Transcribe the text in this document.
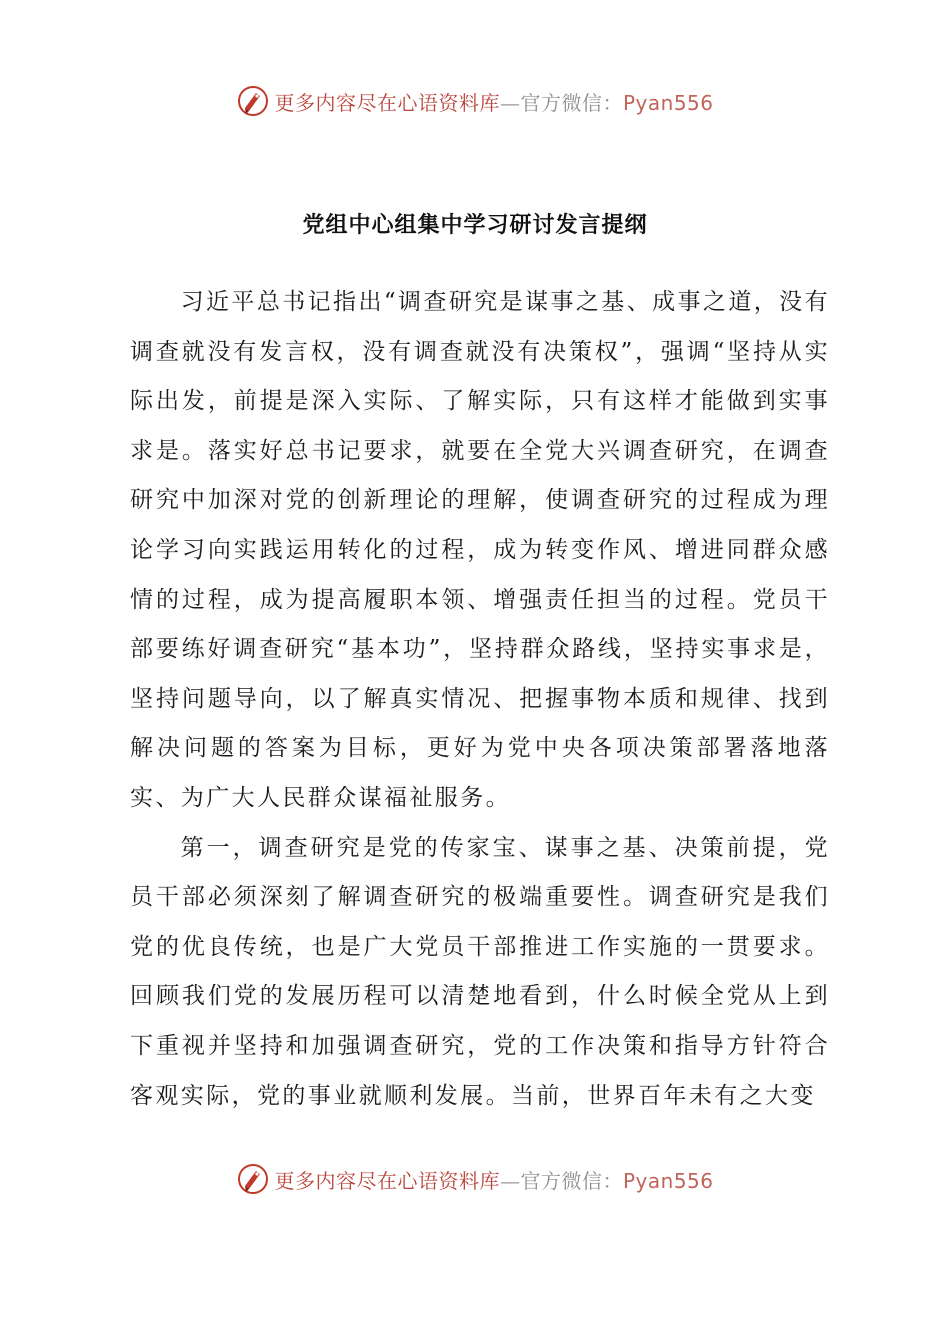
更多内容尽在心语资料库—官方微信：Pyan556
党组中心组集中学习研讨发言提纲

习近平总书记指出“调查研究是谋事之基、成事之道，没有调查就没有发言权，没有调查就没有决策权”，强调“坚持从实际出发，前提是深入实际、了解实际，只有这样才能做到实事求是。落实好总书记要求，就要在全党大兴调查研究，在调查研究中加深对党的创新理论的理解，使调查研究的过程成为理论学习向实践运用转化的过程，成为转变作风、增进同群众感情的过程，成为提高履职本领、增强责任担当的过程。党员干部要练好调查研究“基本功”，坚持群众路线，坚持实事求是，坚持问题导向，以了解真实情况、把握事物本质和规律、找到解决问题的答案为目标，更好为党中央各项决策部署落地落实、为广大人民群众谋福祉服务。

第一，调查研究是党的传家宝、谋事之基、决策前提，党员干部必须深刻了解调查研究的极端重要性。调查研究是我们党的优良传统，也是广大党员干部推进工作实施的一贯要求。回顾我们党的发展历程可以清楚地看到，什么时候全党从上到下重视并坚持和加强调查研究，党的工作决策和指导方针符合客观实际，党的事业就顺利发展。当前，世界百年未有之大变

更多内容尽在心语资料库—官方微信：Pyan556
